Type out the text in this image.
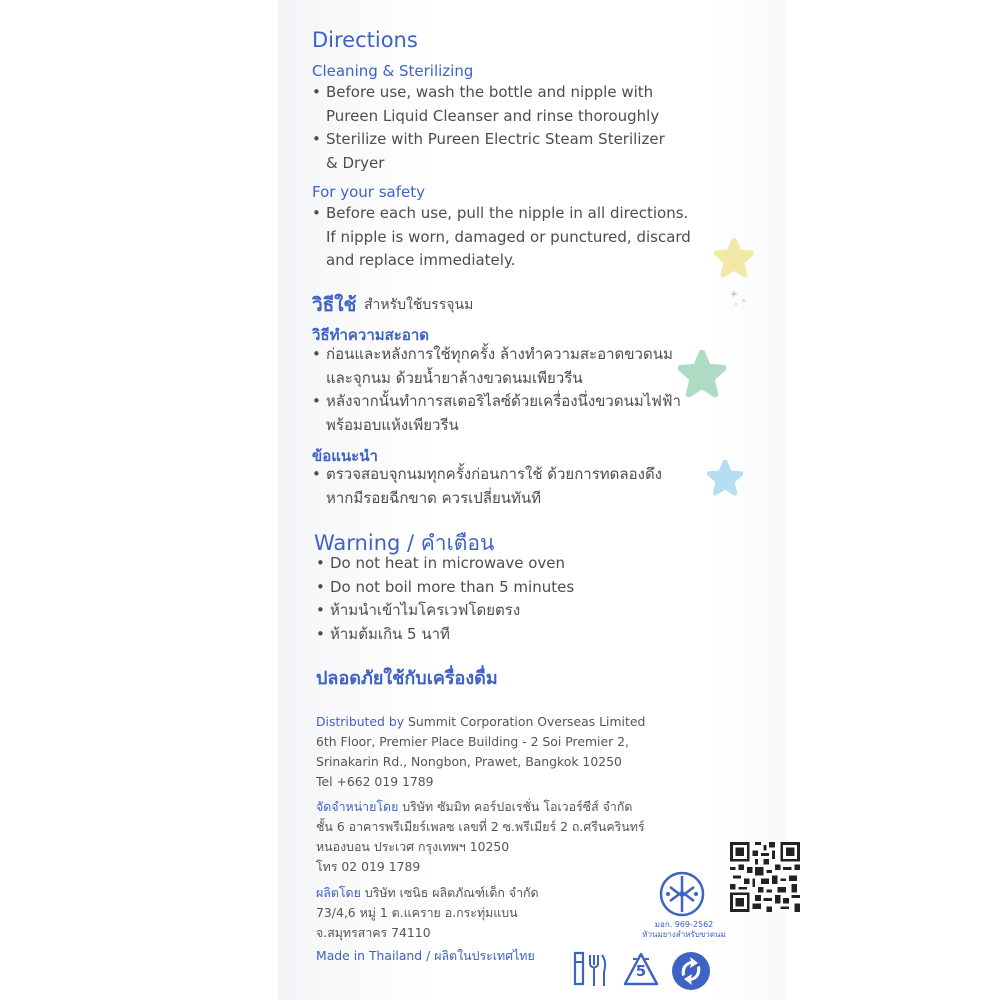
Directions
Cleaning & Sterilizing
• Before use, wash the bottle and nipple with
Pureen Liquid Cleanser and rinse thoroughly
• Sterilize with Pureen Electric Steam Sterilizer
& Dryer
For your safety
• Before each use, pull the nipple in all directions.
If nipple is worn, damaged or punctured, discard
and replace immediately.
วิธีใช้ สำหรับใช้บรรจุนม
วิธีทำความสะอาด
• ก่อนและหลังการใช้ทุกครั้ง ล้างทำความสะอาดขวดนม
และจุกนม ด้วยน้ำยาล้างขวดนมเพียวรีน
• หลังจากนั้นทำการสเตอริไลซ์ด้วยเครื่องนึ่งขวดนมไฟฟ้า
พร้อมอบแห้งเพียวรีน
ข้อแนะนำ
• ตรวจสอบจุกนมทุกครั้งก่อนการใช้ ด้วยการทดลองดึง
หากมีรอยฉีกขาด ควรเปลี่ยนทันที
Warning / คำเตือน
• Do not heat in microwave oven
• Do not boil more than 5 minutes
• ห้ามนำเข้าไมโครเวฟโดยตรง
• ห้ามต้มเกิน 5 นาที
ปลอดภัยใช้กับเครื่องดื่ม
Distributed by Summit Corporation Overseas Limited
6th Floor, Premier Place Building - 2 Soi Premier 2,
Srinakarin Rd., Nongbon, Prawet, Bangkok 10250
Tel +662 019 1789
จัดจำหน่ายโดย บริษัท ซัมมิท คอร์ปอเรชั่น โอเวอร์ซีส์ จำกัด
ชั้น 6 อาคารพรีเมียร์เพลซ เลขที่ 2 ซ.พรีเมียร์ 2 ถ.ศรีนครินทร์
หนองบอน ประเวศ กรุงเทพฯ 10250
โทร 02 019 1789
ผลิตโดย บริษัท เซนิธ ผลิตภัณฑ์เด็ก จำกัด
73/4,6 หมู่ 1 ต.แคราย อ.กระทุ่มแบน
จ.สมุทรสาคร 74110
Made in Thailand / ผลิตในประเทศไทย
มอก. 969-2562
หัวนมยางสำหรับขวดนม
5
